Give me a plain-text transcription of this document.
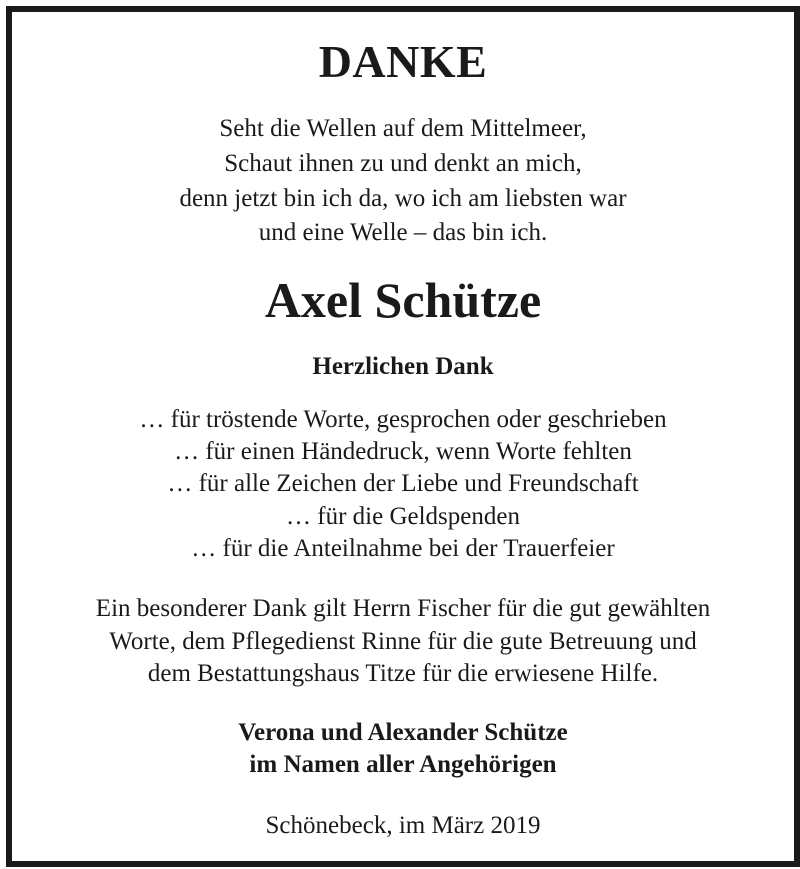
DANKE
Seht die Wellen auf dem Mittelmeer,
Schaut ihnen zu und denkt an mich,
denn jetzt bin ich da, wo ich am liebsten war
und eine Welle – das bin ich.
Axel Schütze
Herzlichen Dank
… für tröstende Worte, gesprochen oder geschrieben
… für einen Händedruck, wenn Worte fehlten
… für alle Zeichen der Liebe und Freundschaft
… für die Geldspenden
… für die Anteilnahme bei der Trauerfeier
Ein besonderer Dank gilt Herrn Fischer für die gut gewählten
Worte, dem Pflegedienst Rinne für die gute Betreuung und
dem Bestattungshaus Titze für die erwiesene Hilfe.
Verona und Alexander Schütze
im Namen aller Angehörigen
Schönebeck, im März 2019
